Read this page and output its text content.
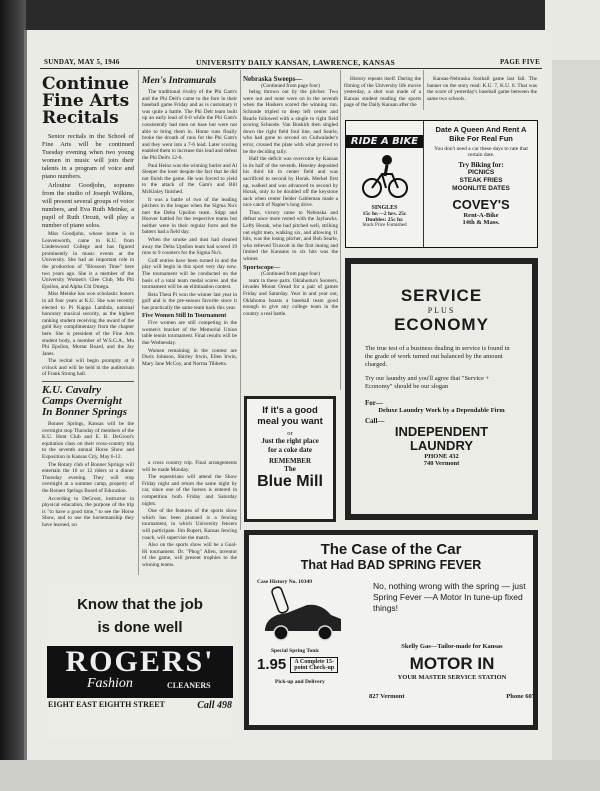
SUNDAY, MAY 5, 1946	UNIVERSITY DAILY KANSAN, LAWRENCE, KANSAS	PAGE FIVE
Continue Fine Arts Recitals

Senior recitals in the School of Fine Arts will be continued Tuesday evening when two young women in music will join their talents in a program of voice and piano numbers.

Arlouine Goodjohn, soprano from the studio of Joseph Wilkins, will present several groups of voice numbers, and Eva Ruth Meinke, a pupil of Ruth Orcutt, will play a number of piano solos.

Miss Goodjohn, whose home is in Leavenworth, came to K.U. from Lindenwood College and has figured prominently in music events at the University. She had an important role in the production of "Blossom Time" here two years ago. She is a member of the University Women's Glee Club, Mu Phi Epsilon, and Alpha Chi Omega.

Miss Meinke has won scholastic honors in all four years at K.U. She was recently elected to Pi Kappa Lambda, national honorary musical sorority, as the highest ranking student receiving the award of the gold Key complimentary from the chapter here. She is president of the Fine Arts student body, a member of W.S.G.A., Mu Phi Epsilon, Mortar Board, and the Jay Janes.

The recital will begin promptly at 8 o'clock and will be held in the auditorium of Frank Strong hall.

K.U. Cavalry Camps Overnight In Bonner Springs

Bonner Springs, Kansas will be the overnight stop Thursday of members of the K.U. Hunt Club and E. B. DeGroot's equitation class on their cross-country trip to the seventh annual Horse Show and Exposition in Kansas City, May 6-12.

The Rotary club of Bonner Springs will entertain the 16 or 12 riders at a dinner Thursday evening. They will stop overnight at a summer camp, property of the Bonner Springs Board of Education.

According to DeGroot, instructor in physical education, the purpose of the trip is "to have a good time," to see the Horse Show, and to use the horsemanship they have learned, on

Men's Intramurals

The traditional rivalry of the Phi Gam's and the Phi Delt's came to the fore in their baseball game Friday and as is customary it was quite a battle. The Phi Delt team built up an early lead of 6-0 while the Phi Gam's consistently had men on base but were not able to bring them in. Home runs finally broke the drouth of runs for the Phi Gam's and they went into a 7-6 lead. Later scoring enabled them to increase this lead and defeat the Phi Delt's 12-6.

Paul Heinz was the winning hurler and Al Sleeper the loser despite the fact that he did not finish the game. He was forced to yield to the attack of the Gam's and Bill McKinley finished.

It was a battle of two of the leading pitchers in the league when the Sigma Nu's met the Delta Upsilon team. Stipp and Hoover battled for the respective teams but neither were in their regular form and the batters had a field day.

When the smoke and dust had cleared away the Delta Upsilon team had scored 19 runs to 9 counters for the Sigma Nu's.

Golf entries have been turned in and the play will begin in this sport very day now. The tournament will be conducted on the basis of a total team medal scores and the tournament will be an elimination contest.

Beta Theta Pi won the winner last year in golf and is the pre-season favorite since it has practically the same team back this year.

Five Women Still In Tournament

Five women are still competing in the women's bracket of the Memorial Union table tennis tournament. Final results will be due Wednesday.

Women remaining in the contest are Doris Johnson, Shirley Irwin, Ellen Irwin, Mary Jane McCoy, and Norma Tibbetts.

a cross country trip. Final arrangements will be made Monday.

The equestrians will attend the Show Friday night and return the same night by car, since one of the horses is entered in competition both Friday and Saturday nights.

One of the features of the sports show which has been planned is a fencing tournament, in which University fencers will participate. Jim Rupert, Kansas fencing coach, will supervise the match.

Also on the sports show will be a Goal-Hi tournament. Dr. "Phog" Allen, inventor of the game, will present trophies to the winning teams.

Nebraska Sweeps—
(Continued from page four)

being thrown out by the pitcher. Two were out and none were on in the seventh when the Huskers scored the winning run. Schnode tripled to deep left center and Bearle followed with a single to right field scoring Schnode. Van Buskirk then singled down the right field foul line, and Searle, who had gone to second on Cudwalader's error, crossed the plate with what proved to be the deciding tally.

Half the deficit was overcome by Kansas in its half of the seventh. Hensley deposited his third hit in center field and was sacrificed to second by Horak. Merkel first up, walked and was advanced to second by Horak, only to be doubled off the keystone sack when center fielder Gableman made a nice catch of Napier's long drive.

Thus, victory came to Nebraska and defeat once more rested with the Jayhawks. Lefty Horak, who had pitched well, striking out eight men, walking six, and allowing 11 hits, was the losing pitcher, and Bob Searle, who relieved Truscott in the first inning and limited the Kansans to six hits was the winner.

Sportscope—
(Continued from page four)

team in these parts. Oklahoma's Sooners, invades Mount Oread for a pair of games Friday and Saturday. Year in and year out, Oklahoma boasts a baseball team good enough to give any college team in the country a real battle.

History repeats itself. During the filming of the University life movie yesterday, a shot was made of a Kansas student reading the sports page of the Daily Kansan after the

Kansas-Nebraska football game last fall. The banner on the story read: K.U. 7, K.U. 6. That was the score of yesterday's baseball game between the same two schools.

RIDE A BIKE
SINGLES
15c hr.—2 hrs. 25c
Doubles: 25c hr.
Stock Price Furnished
Date A Queen And Rent A Bike For Real Fun
You don't need a car these days to rate that certain date.
Try Biking for:
PICNICS
STEAK FRIES
MOONLITE DATES
COVEY'S
Rent-A-Bike
14th & Mass.
SERVICE
PLUS
ECONOMY
The true test of a business dealing in service is found in the grade of work turned out balanced by the amount charged.
Try our laundry and you'll agree that "Service + Economy" should be our slogan
For—
Deluxe Laundry Work by a Dependable Firm
Call—
INDEPENDENT
LAUNDRY
PHONE 432
740 Vermont
If it's a good
meal you want
or
Just the right place for a coke date
REMEMBER
The
Blue Mill
Know that the job
is done well
ROGERS'
Fashion	CLEANERS
EIGHT EAST EIGHTH STREET	Call 498
The Case of the Car
That Had BAD SPRING FEVER
Case History No. 10349
Special Spring Tonic
1.95	A Complete 15-point Check-up
Pick-up and Delivery
No, nothing wrong with the spring — just Spring Fever —A Motor In tune-up fixed things!
Skelly Gas—Tailor-made for Kansas
MOTOR IN
YOUR MASTER SERVICE STATION
827 Vermont	Phone 607
